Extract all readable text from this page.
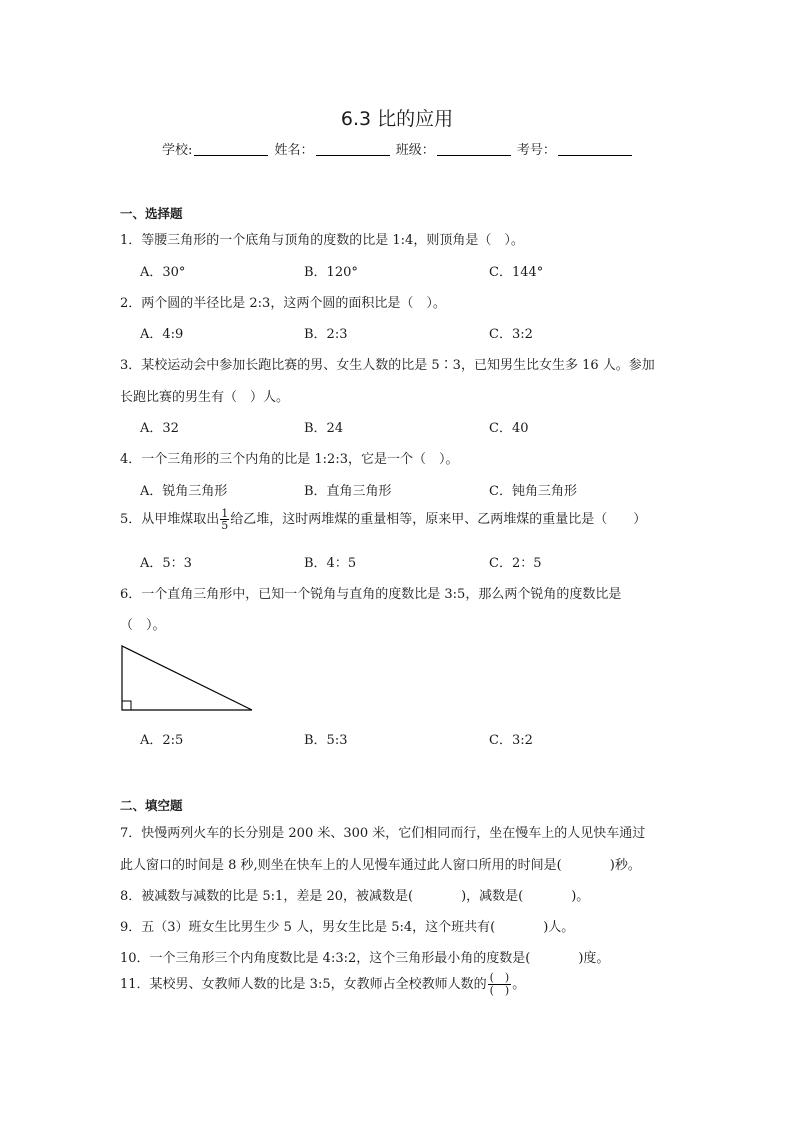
6.3 比的应用
学校:	姓名：	班级：	考号：
一、选择题
1．等腰三角形的一个底角与顶角的度数的比是 1:4，则顶角是（　）。
A．30°	B．120°	C．144°
2．两个圆的半径比是 2:3，这两个圆的面积比是（　）。
A．4:9	B．2:3	C．3:2
3．某校运动会中参加长跑比赛的男、女生人数的比是 5∶3，已知男生比女生多 16 人。参加
长跑比赛的男生有（　）人。
A．32	B．24	C．40
4．一个三角形的三个内角的比是 1:2:3，它是一个（　）。
A．锐角三角形	B．直角三角形	C．钝角三角形
5．从甲堆煤取出 $\frac{1}{5}$ 给乙堆，这时两堆煤的重量相等，原来甲、乙两堆煤的重量比是（　　）
A．5：3	B．4：5	C．2：5
6．一个直角三角形中，已知一个锐角与直角的度数比是 3:5，那么两个锐角的度数比是
（　）。
A．2:5	B．5:3	C．3:2
二、填空题
7．快慢两列火车的长分别是 200 米、300 米，它们相同而行，坐在慢车上的人见快车通过
此人窗口的时间是 8 秒,则坐在快车上的人见慢车通过此人窗口所用的时间是(	)秒。
8．被减数与减数的比是 5:1，差是 20，被减数是(	)，减数是(	)。
9．五（3）班女生比男生少 5 人，男女生比是 5:4，这个班共有(	)人。
10．一个三角形三个内角度数比是 4:3:2，这个三角形最小角的度数是(	)度。
11．某校男、女教师人数的比是 3:5，女教师占全校教师人数的 $\frac{( )}{( )}$ 。
